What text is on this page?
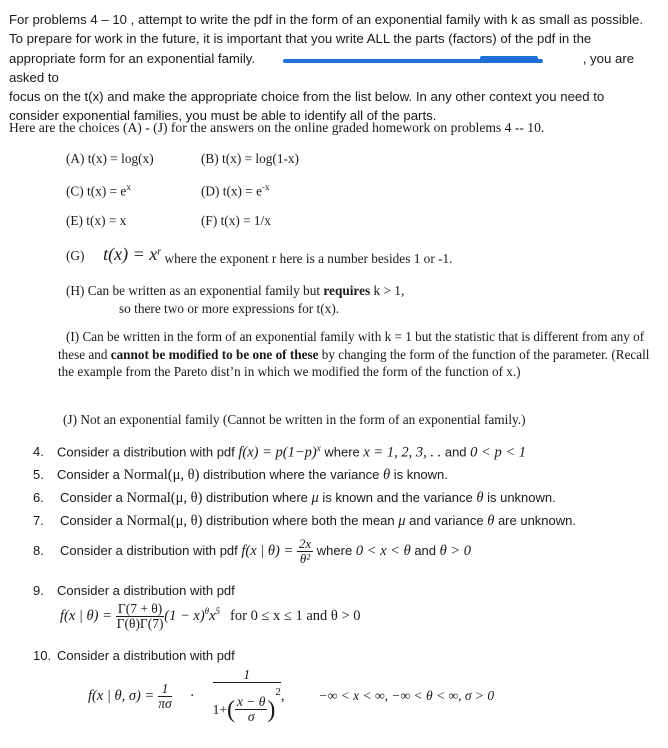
For problems 4 – 10 , attempt to write the pdf in the form of an exponential family with k as small as possible.
To prepare for work in the future, it is important that you write ALL the parts (factors) of the pdf in the
appropriate form for an exponential family.	, you are asked to
focus on the t(x) and make the appropriate choice from the list below. In any other context you need to
consider exponential families, you must be able to identify all of the parts.
Here are the choices (A) - (J) for the answers on the online graded homework on problems 4 -- 10.
(A) t(x) = log(x)	(B) t(x) = log(1-x)
(C) $t(x) = e^x$	(D) $t(x) = e^{-x}$
(E) t(x) = x	(F) t(x) = 1/x
(G) $t(x) = x^r$ where the exponent r here is a number besides 1 or -1.
(H) Can be written as an exponential family but requires k > 1,
so there two or more expressions for t(x).
(I) Can be written in the form of an exponential family with k = 1 but the statistic that is different from any of these and cannot be modified to be one of these by changing the form of the function of the parameter. (Recall the example from the Pareto dist’n in which we modified the form of the function of x.)
(J) Not an exponential family (Cannot be written in the form of an exponential family.)
4. Consider a distribution with pdf $f(x) = p(1-p)^x$ where x = 1, 2, 3, . . and 0 < p < 1
5. Consider a Normal(μ, θ) distribution where the variance θ is known.
6. Consider a Normal(μ, θ) distribution where μ is known and the variance θ is unknown.
7. Consider a Normal(μ, θ) distribution where both the mean μ and variance θ are unknown.
8. Consider a distribution with pdf f(x | $\theta) = \frac{2x}{\text{θ²}}$ where 0 < x < θ and θ > 0
9. Consider a distribution with pdf
f(x | $\theta) = \frac{\Gamma(7 + \theta)}{\Gamma(\theta)\Gamma(7)} (1 - x)^\theta x^5$ for 0 ≤ x ≤ 1 and θ > 0
10. Consider a distribution with pdf
f(x | θ, $\sigma) = \frac{1}{\pi\sigma} \cdot \frac{1}{1+( \frac{x - \theta}{\sigma} )^2}$ ,	−∞ < x < ∞, −∞ < θ < ∞, σ > 0
